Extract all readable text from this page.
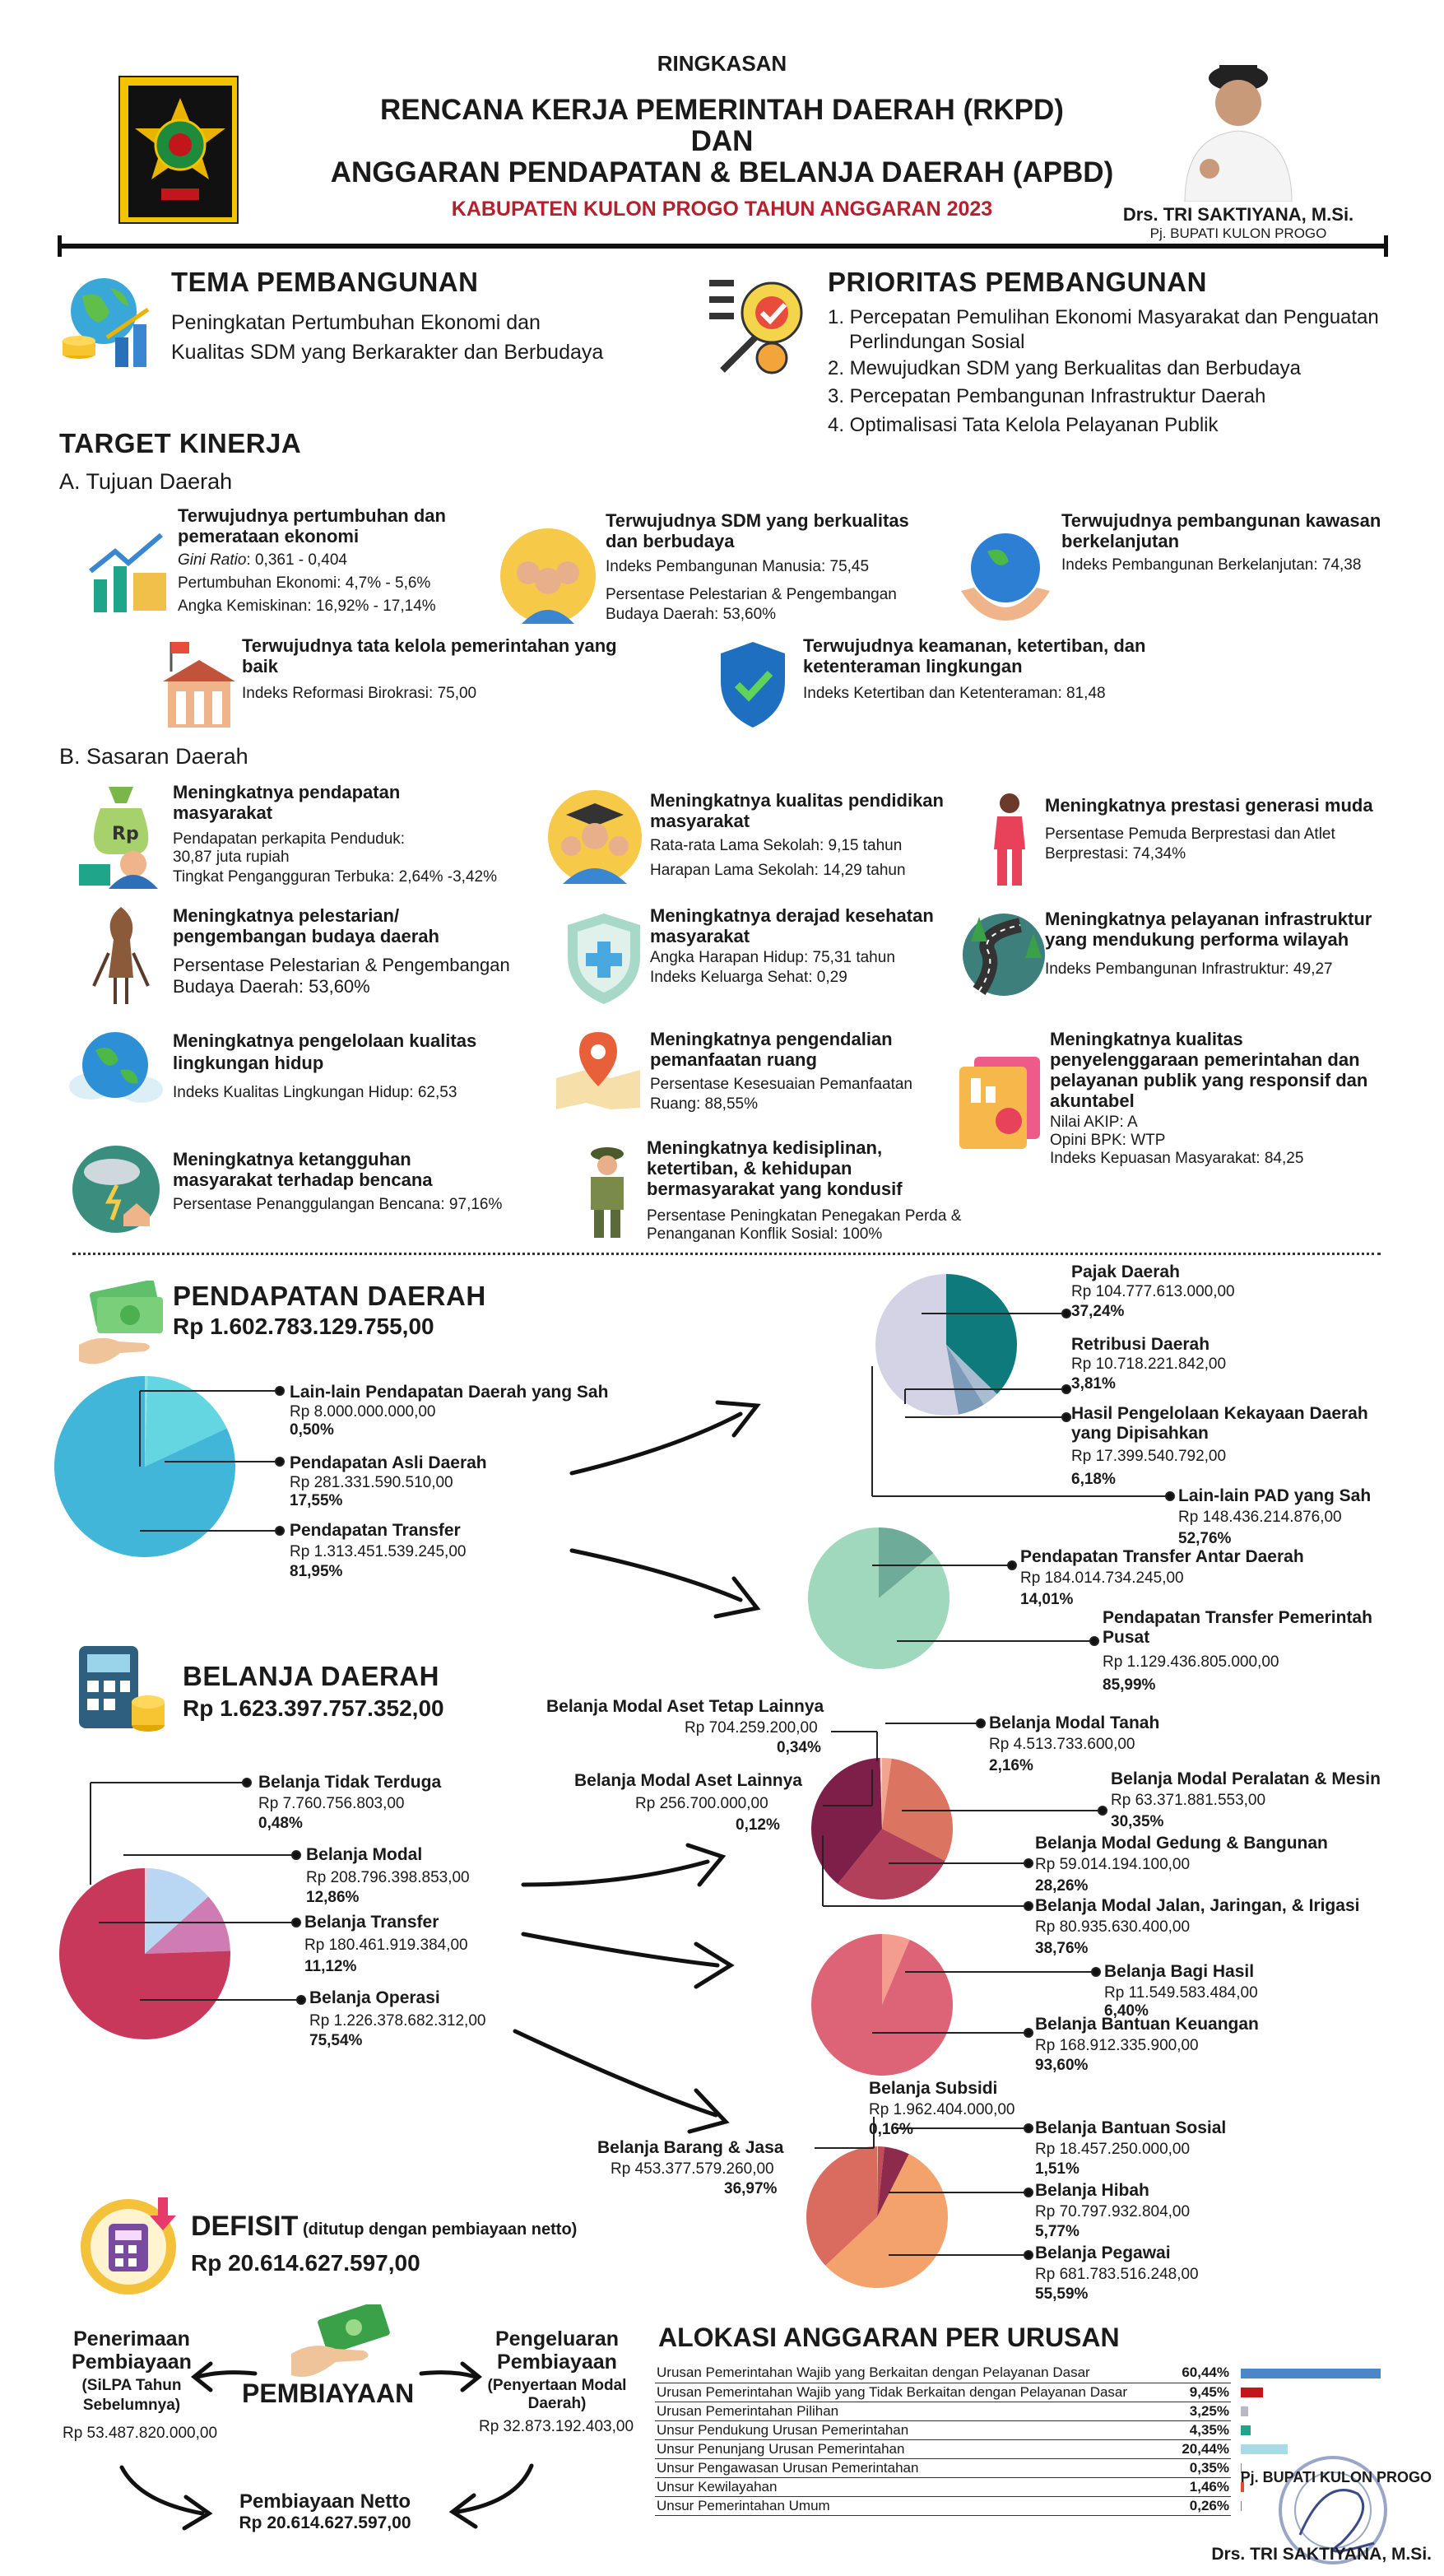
RINGKASAN
RENCANA KERJA PEMERINTAH DAERAH (RKPD)
DAN
ANGGARAN PENDAPATAN & BELANJA DAERAH (APBD)
KABUPATEN KULON PROGO TAHUN ANGGARAN 2023	Drs. TRI SAKTIYANA, M.Si.
Pj. BUPATI KULON PROGO
TEMA PEMBANGUNAN
Peningkatan Pertumbuhan Ekonomi dan
Kualitas SDM yang Berkarakter dan Berbudaya
PRIORITAS PEMBANGUNAN
1. Percepatan Pemulihan Ekonomi Masyarakat dan Penguatan
Perlindungan Sosial
2. Mewujudkan SDM yang Berkualitas dan Berbudaya
3. Percepatan Pembangunan Infrastruktur Daerah
4. Optimalisasi Tata Kelola Pelayanan Publik
TARGET KINERJA
A. Tujuan Daerah
Terwujudnya pertumbuhan dan
pemerataan ekonomi
Gini Ratio: 0,361 - 0,404
Pertumbuhan Ekonomi: 4,7% - 5,6%
Angka Kemiskinan: 16,92% - 17,14%
Terwujudnya SDM yang berkualitas
dan berbudaya
Indeks Pembangunan Manusia: 75,45
Persentase Pelestarian & Pengembangan
Budaya Daerah: 53,60%
Terwujudnya pembangunan kawasan
berkelanjutan
Indeks Pembangunan Berkelanjutan: 74,38
Terwujudnya tata kelola pemerintahan yang
baik
Indeks Reformasi Birokrasi: 75,00
Terwujudnya keamanan, ketertiban, dan
ketenteraman lingkungan
Indeks Ketertiban dan Ketenteraman: 81,48
B. Sasaran Daerah
Rp
Meningkatnya pendapatan
masyarakat
Pendapatan perkapita Penduduk:
30,87 juta rupiah
Tingkat Pengangguran Terbuka: 2,64% -3,42%
Meningkatnya kualitas pendidikan
masyarakat
Rata-rata Lama Sekolah: 9,15 tahun
Harapan Lama Sekolah: 14,29 tahun
Meningkatnya prestasi generasi muda
Persentase Pemuda Berprestasi dan Atlet
Berprestasi: 74,34%
Meningkatnya pelestarian/
pengembangan budaya daerah
Persentase Pelestarian & Pengembangan
Budaya Daerah: 53,60%
Meningkatnya derajad kesehatan
masyarakat
Angka Harapan Hidup: 75,31 tahun
Indeks Keluarga Sehat: 0,29
Meningkatnya pelayanan infrastruktur
yang mendukung performa wilayah
Indeks Pembangunan Infrastruktur: 49,27
Meningkatnya pengelolaan kualitas
lingkungan hidup
Indeks Kualitas Lingkungan Hidup: 62,53
Meningkatnya pengendalian
pemanfaatan ruang
Persentase Kesesuaian Pemanfaatan
Ruang: 88,55%
Meningkatnya kualitas
penyelenggaraan pemerintahan dan
pelayanan publik yang responsif dan
akuntabel
Nilai AKIP: A
Opini BPK: WTP
Indeks Kepuasan Masyarakat: 84,25
Meningkatnya ketangguhan
masyarakat terhadap bencana
Persentase Penanggulangan Bencana: 97,16%
Meningkatnya kedisiplinan,
ketertiban, & kehidupan
bermasyarakat yang kondusif
Persentase Peningkatan Penegakan Perda &
Penanganan Konflik Sosial: 100%
PENDAPATAN DAERAH
Rp 1.602.783.129.755,00
Lain-lain Pendapatan Daerah yang Sah
Rp 8.000.000.000,00
0,50%
Pendapatan Asli Daerah
Rp 281.331.590.510,00
17,55%
Pendapatan Transfer
Rp 1.313.451.539.245,00
81,95%
Pajak Daerah
Rp 104.777.613.000,00
37,24%
Retribusi Daerah
Rp 10.718.221.842,00
3,81%
Hasil Pengelolaan Kekayaan Daerah
yang Dipisahkan
Rp 17.399.540.792,00
6,18%
Lain-lain PAD yang Sah
Rp 148.436.214.876,00
52,76%
Pendapatan Transfer Antar Daerah
Rp 184.014.734.245,00
14,01%
Pendapatan Transfer Pemerintah
Pusat
Rp 1.129.436.805.000,00
85,99%
BELANJA DAERAH
Rp 1.623.397.757.352,00
Belanja Tidak Terduga
Rp 7.760.756.803,00
0,48%
Belanja Modal
Rp 208.796.398.853,00
12,86%
Belanja Transfer
Rp 180.461.919.384,00
11,12%
Belanja Operasi
Rp 1.226.378.682.312,00
75,54%
Belanja Modal Aset Tetap Lainnya
Rp 704.259.200,00
0,34%
Belanja Modal Aset Lainnya
Rp 256.700.000,00
0,12%
Belanja Modal Tanah
Rp 4.513.733.600,00
2,16%
Belanja Modal Peralatan & Mesin
Rp 63.371.881.553,00
30,35%
Belanja Modal Gedung & Bangunan
Rp 59.014.194.100,00
28,26%
Belanja Modal Jalan, Jaringan, & Irigasi
Rp 80.935.630.400,00
38,76%
Belanja Bagi Hasil
Rp 11.549.583.484,00
6,40%
Belanja Bantuan Keuangan
Rp 168.912.335.900,00
93,60%
Belanja Subsidi
Rp 1.962.404.000,00
0,16%
Belanja Barang & Jasa
Rp 453.377.579.260,00
36,97%
Belanja Bantuan Sosial
Rp 18.457.250.000,00
1,51%
Belanja Hibah
Rp 70.797.932.804,00
5,77%
Belanja Pegawai
Rp 681.783.516.248,00
55,59%
DEFISIT (ditutup dengan pembiayaan netto)
Rp 20.614.627.597,00
PEMBIAYAAN
Penerimaan
Pembiayaan
(SiLPA Tahun
Sebelumnya)
Rp 53.487.820.000,00
Pengeluaran
Pembiayaan
(Penyertaan Modal
Daerah)
Rp 32.873.192.403,00
Pembiayaan Netto
Rp 20.614.627.597,00
ALOKASI ANGGARAN PER URUSAN
Urusan Pemerintahan Wajib yang Berkaitan dengan Pelayanan Dasar	60,44%	

Urusan Pemerintahan Wajib yang Tidak Berkaitan dengan Pelayanan Dasar	9,45%	

Urusan Pemerintahan Pilihan	3,25%	

Unsur Pendukung Urusan Pemerintahan	4,35%	

Unsur Penunjang Urusan Pemerintahan	20,44%	

Unsur Pengawasan Urusan Pemerintahan	0,35%	

Unsur Kewilayahan	1,46%	

Unsur Pemerintahan Umum	0,26%	
Pj. BUPATI KULON PROGO
Drs. TRI SAKTIYANA, M.Si.
